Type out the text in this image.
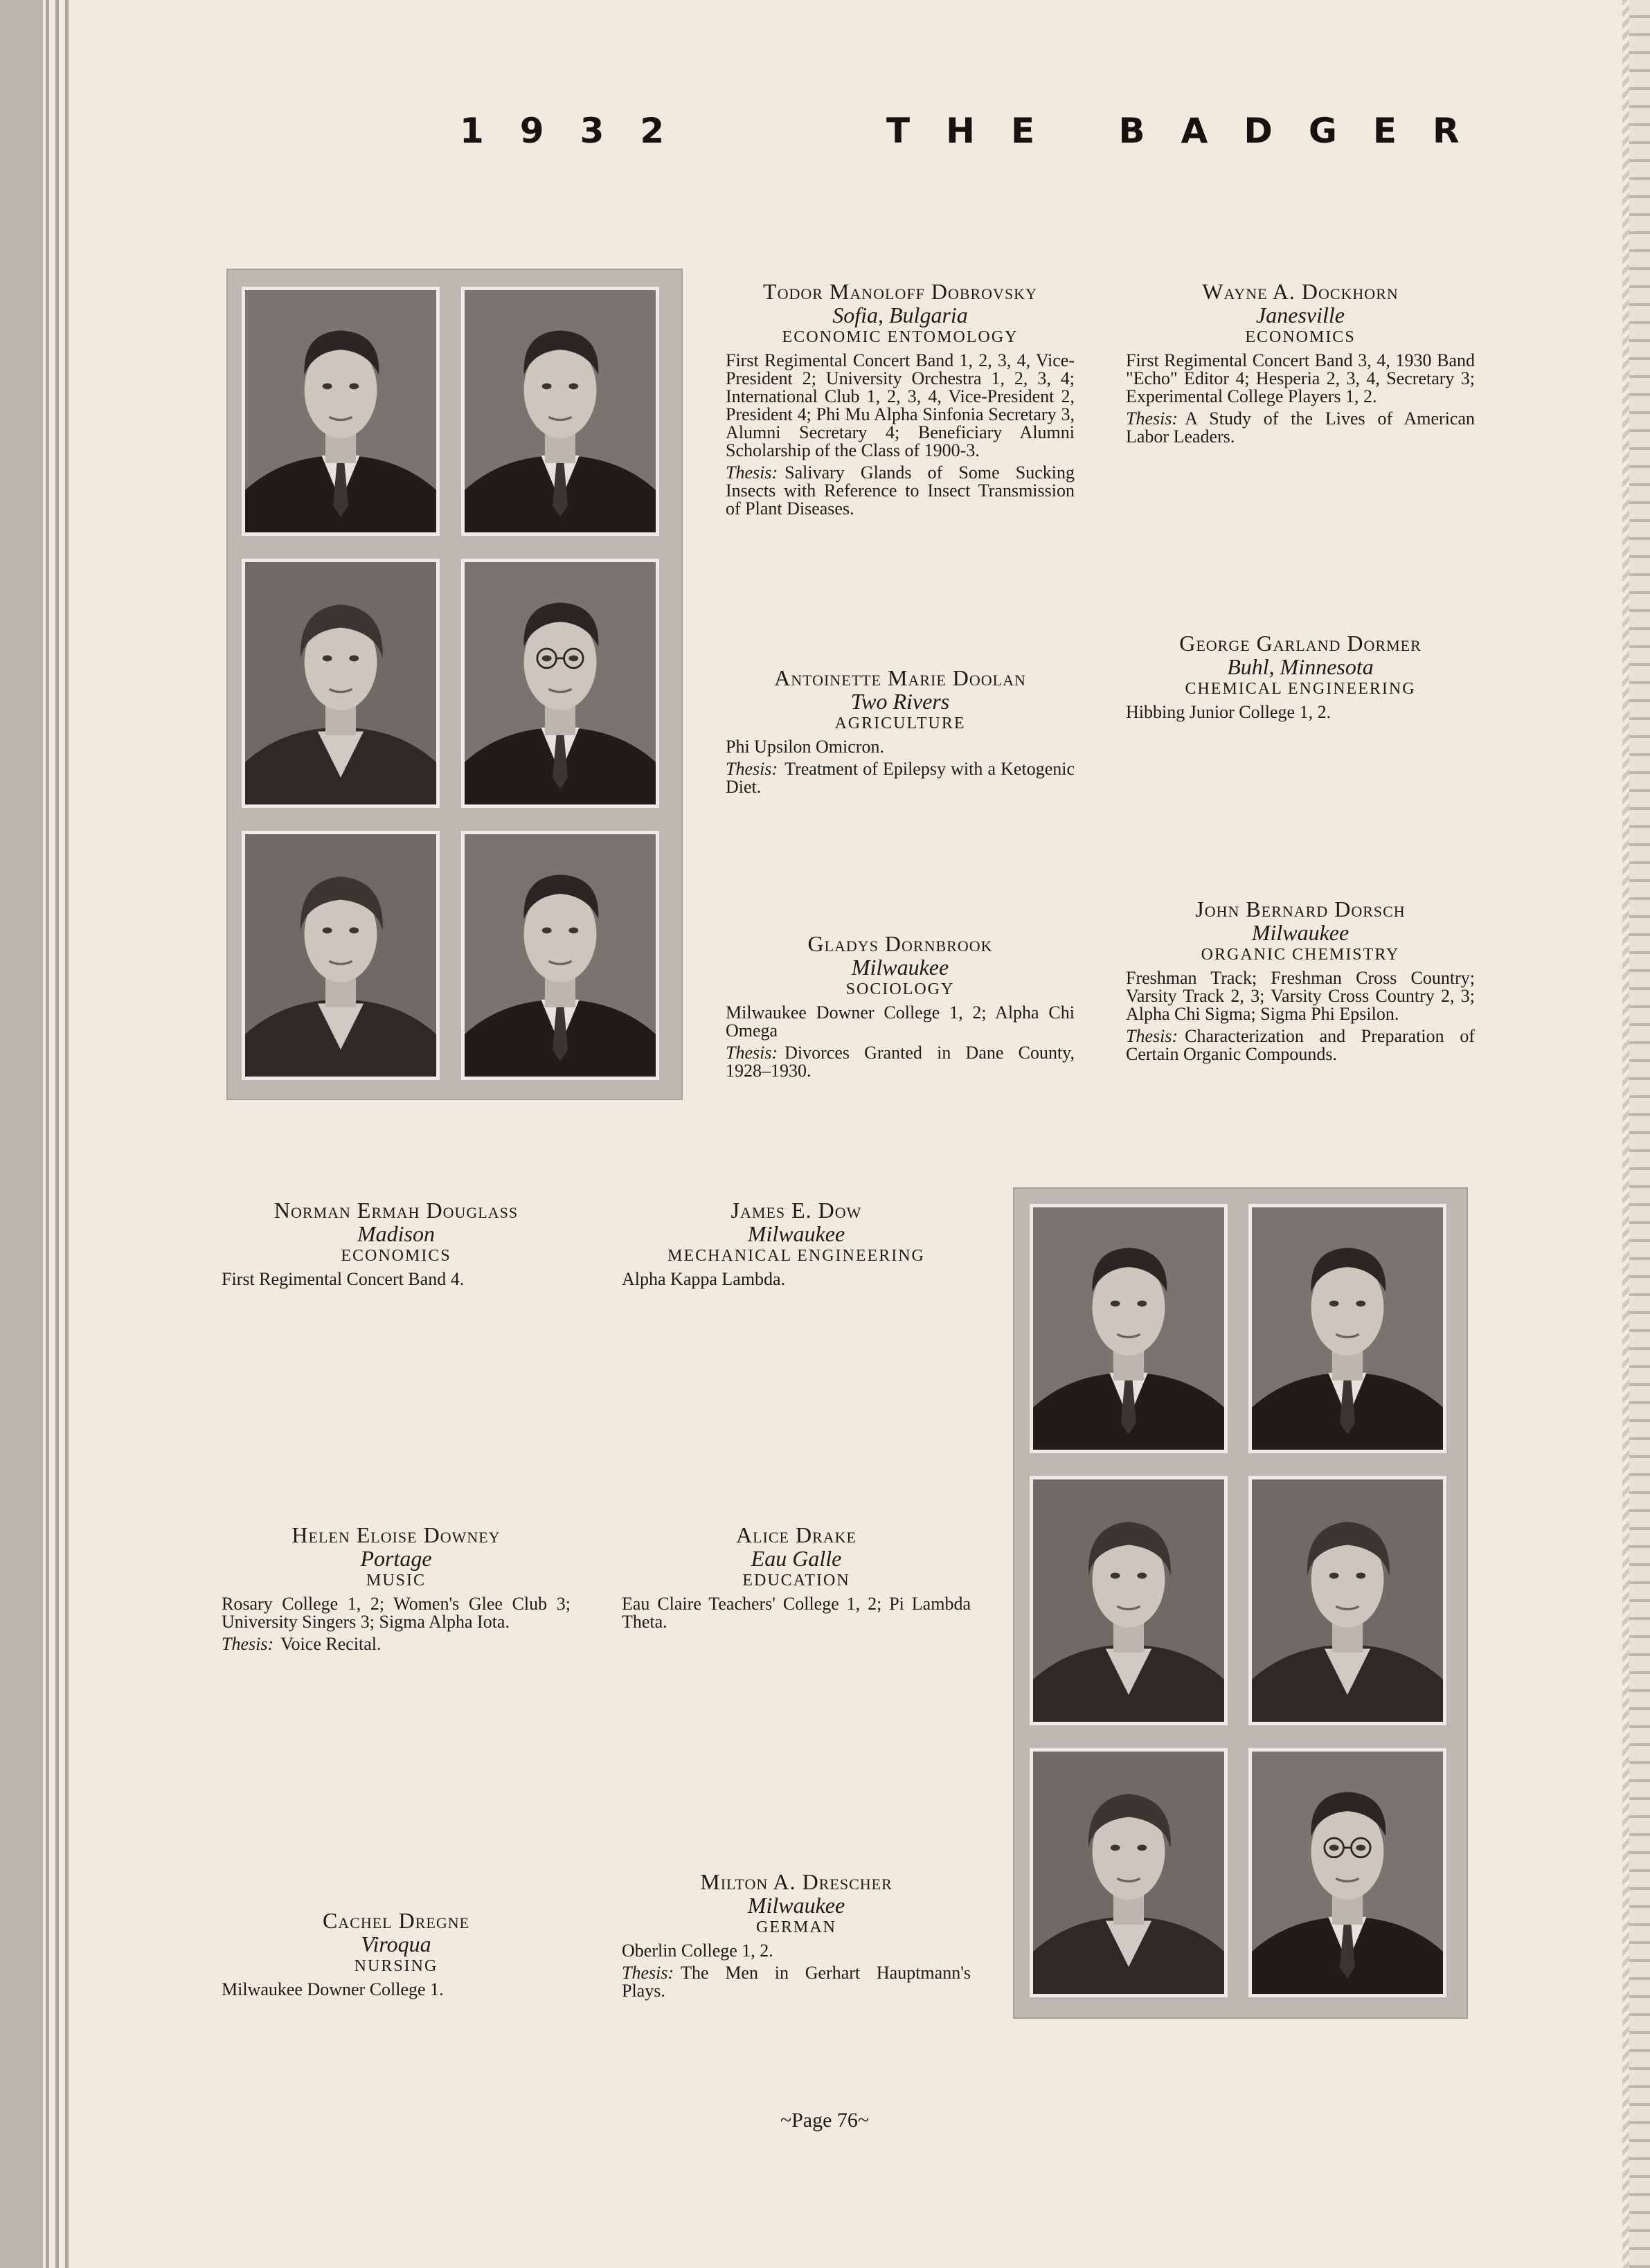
1932	THE BADGER
Todor Manoloff Dobrovsky
Sofia, Bulgaria
ECONOMIC ENTOMOLOGY
First Regimental Concert Band 1, 2, 3, 4, Vice-President 2; University Orchestra 1, 2, 3, 4; International Club 1, 2, 3, 4, Vice-President 2, President 4; Phi Mu Alpha Sinfonia Secretary 3, Alumni Secretary 4; Beneficiary Alumni Scholarship of the Class of 1900-3.
Thesis: Salivary Glands of Some Sucking Insects with Reference to Insect Transmission of Plant Diseases.
Wayne A. Dockhorn
Janesville
ECONOMICS
First Regimental Concert Band 3, 4, 1930 Band "Echo" Editor 4; Hesperia 2, 3, 4, Secretary 3; Experimental College Players 1, 2.
Thesis: A Study of the Lives of American Labor Leaders.
Antoinette Marie Doolan
Two Rivers
AGRICULTURE
Phi Upsilon Omicron.
Thesis: Treatment of Epilepsy with a Ketogenic Diet.
George Garland Dormer
Buhl, Minnesota
CHEMICAL ENGINEERING
Hibbing Junior College 1, 2.
Gladys Dornbrook
Milwaukee
SOCIOLOGY
Milwaukee Downer College 1, 2; Alpha Chi Omega
Thesis: Divorces Granted in Dane County, 1928–1930.
John Bernard Dorsch
Milwaukee
ORGANIC CHEMISTRY
Freshman Track; Freshman Cross Country; Varsity Track 2, 3; Varsity Cross Country 2, 3; Alpha Chi Sigma; Sigma Phi Epsilon.
Thesis: Characterization and Preparation of Certain Organic Compounds.
Norman Ermah Douglass
Madison
ECONOMICS
First Regimental Concert Band 4.
James E. Dow
Milwaukee
MECHANICAL ENGINEERING
Alpha Kappa Lambda.
Helen Eloise Downey
Portage
MUSIC
Rosary College 1, 2; Women's Glee Club 3; University Singers 3; Sigma Alpha Iota.
Thesis: Voice Recital.
Alice Drake
Eau Galle
EDUCATION
Eau Claire Teachers' College 1, 2; Pi Lambda Theta.
Cachel Dregne
Viroqua
NURSING
Milwaukee Downer College 1.
Milton A. Drescher
Milwaukee
GERMAN
Oberlin College 1, 2.
Thesis: The Men in Gerhart Hauptmann's Plays.
~Page 76~
